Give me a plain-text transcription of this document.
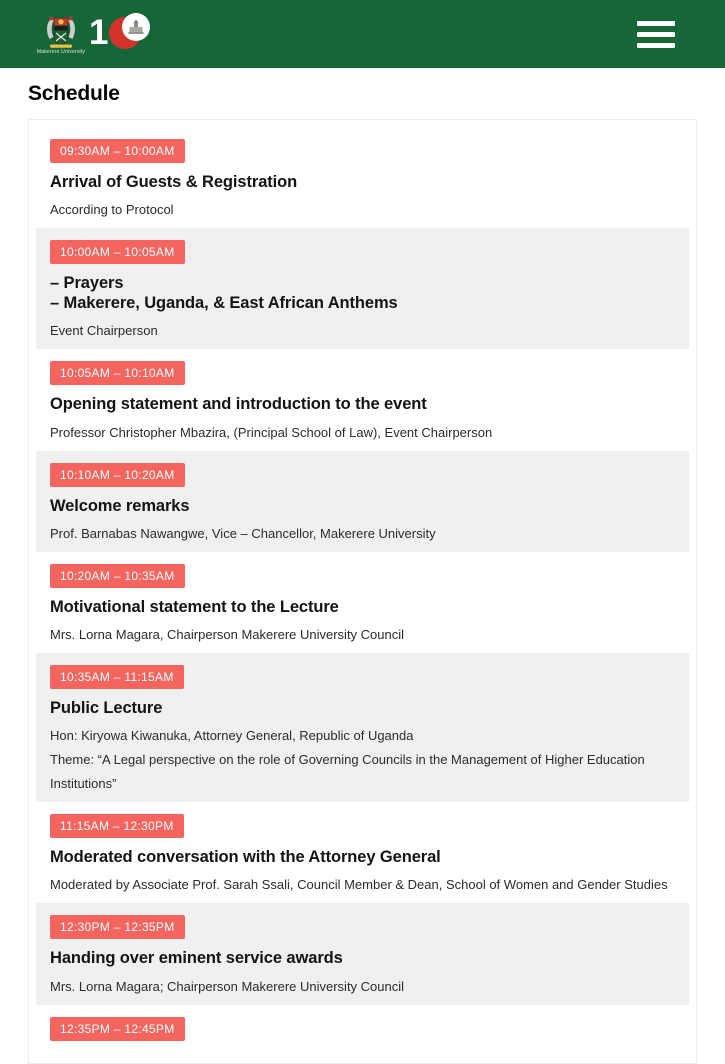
Makerere University 1
Schedule
09:30AM – 10:00AM
Arrival of Guests & Registration

According to Protocol

10:00AM – 10:05AM
– Prayers
– Makerere, Uganda, & East African Anthems

Event Chairperson

10:05AM – 10:10AM
Opening statement and introduction to the event

Professor Christopher Mbazira, (Principal School of Law), Event Chairperson

10:10AM – 10:20AM
Welcome remarks

Prof. Barnabas Nawangwe, Vice – Chancellor, Makerere University

10:20AM – 10:35AM
Motivational statement to the Lecture

Mrs. Lorna Magara, Chairperson Makerere University Council

10:35AM – 11:15AM
Public Lecture

Hon: Kiryowa Kiwanuka, Attorney General, Republic of Uganda

Theme: “A Legal perspective on the role of Governing Councils in the Management of Higher Education Institutions”

11:15AM – 12:30PM
Moderated conversation with the Attorney General

Moderated by Associate Prof. Sarah Ssali, Council Member & Dean, School of Women and Gender Studies

12:30PM – 12:35PM
Handing over eminent service awards

Mrs. Lorna Magara; Chairperson Makerere University Council

12:35PM – 12:45PM
